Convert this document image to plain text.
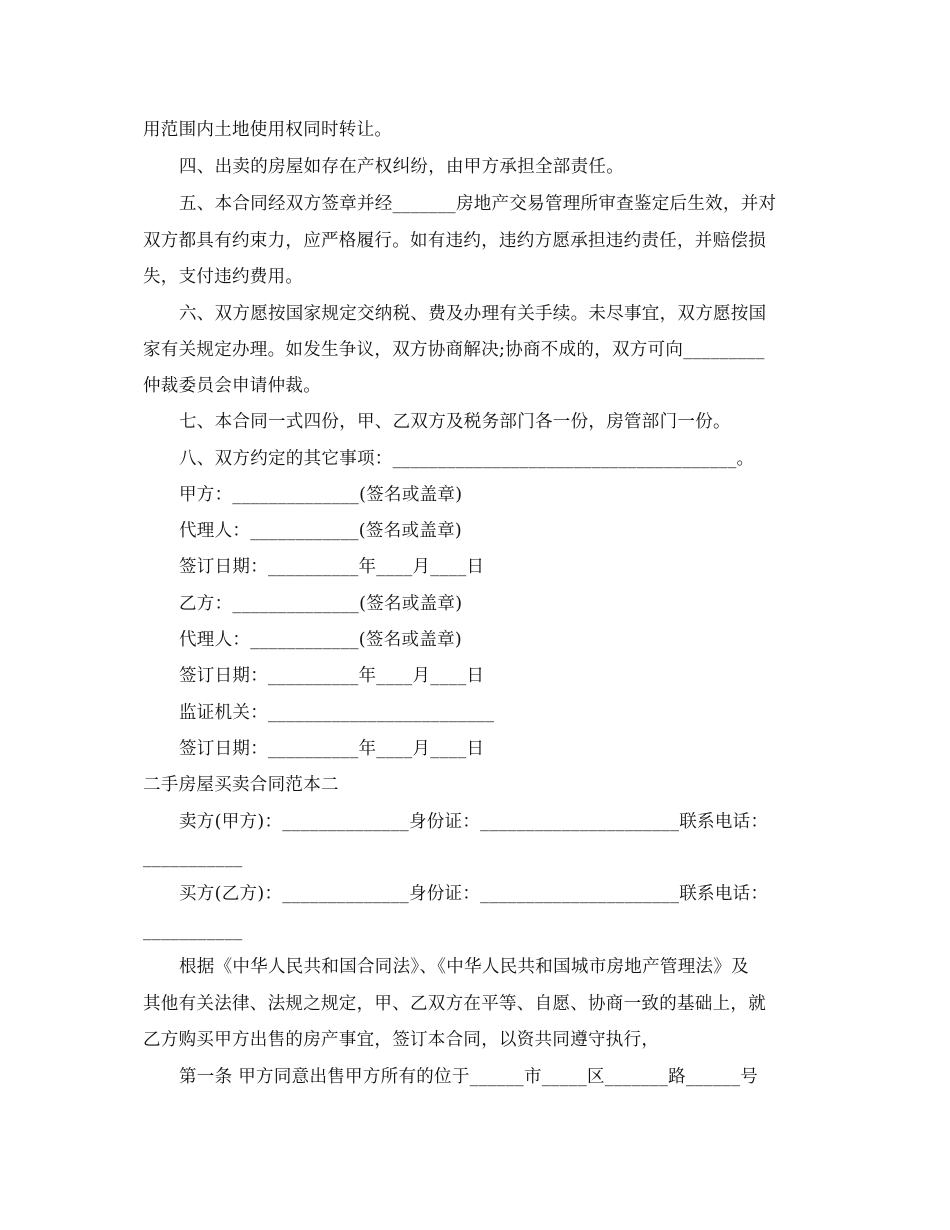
用范围内土地使用权同时转让。
四、出卖的房屋如存在产权纠纷，由甲方承担全部责任。
五、本合同经双方签章并经_______房地产交易管理所审查鉴定后生效，并对
双方都具有约束力，应严格履行。如有违约，违约方愿承担违约责任，并赔偿损
失，支付违约费用。
六、双方愿按国家规定交纳税、费及办理有关手续。未尽事宜，双方愿按国
家有关规定办理。如发生争议，双方协商解决;协商不成的，双方可向_________
仲裁委员会申请仲裁。
七、本合同一式四份，甲、乙双方及税务部门各一份，房管部门一份。
八、双方约定的其它事项：______________________________________。
甲方：______________(签名或盖章)
代理人：____________(签名或盖章)
签订日期：__________年____月____日
乙方：______________(签名或盖章)
代理人：____________(签名或盖章)
签订日期：__________年____月____日
监证机关：_________________________
签订日期：__________年____月____日
二手房屋买卖合同范本二
卖方(甲方)：______________身份证：______________________联系电话：
___________
买方(乙方)：______________身份证：______________________联系电话：
___________
根据《中华人民共和国合同法》、《中华人民共和国城市房地产管理法》及
其他有关法律、法规之规定，甲、乙双方在平等、自愿、协商一致的基础上，就
乙方购买甲方出售的房产事宜，签订本合同，以资共同遵守执行，
第一条 甲方同意出售甲方所有的位于______市_____区_______路______号
